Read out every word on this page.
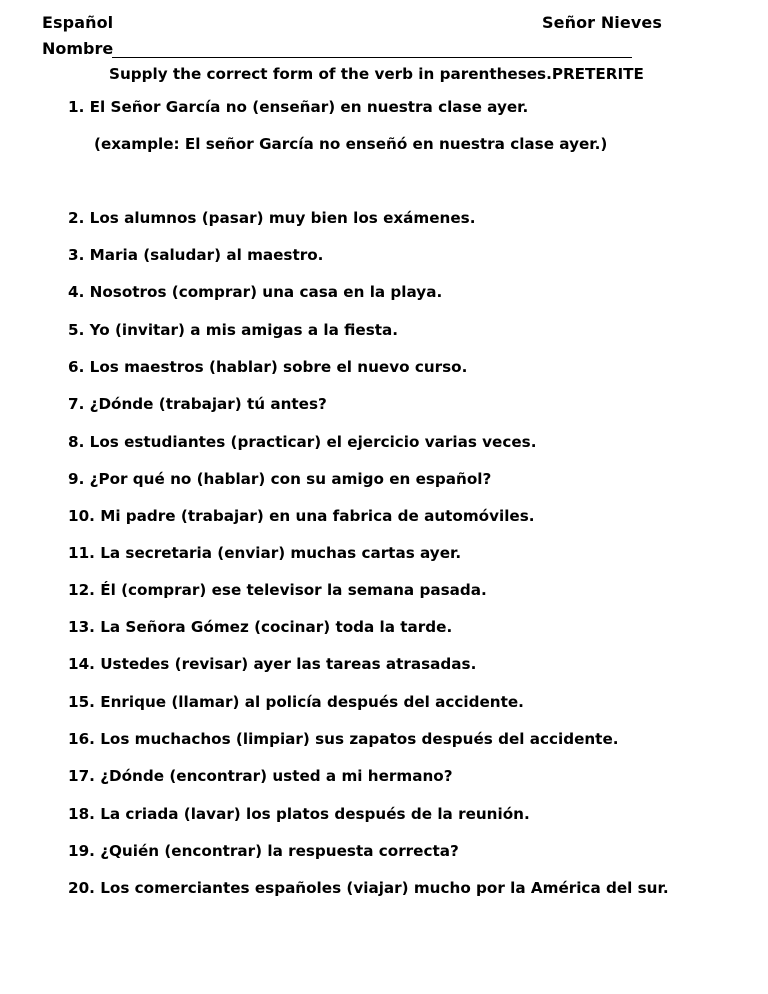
Español	Señor Nieves
Nombre
Supply the correct form of the verb in parentheses.PRETERITE
(example: El señor García no enseñó en nuestra clase ayer.)
1. El Señor García no (enseñar) en nuestra clase ayer.
2. Los alumnos (pasar) muy bien los exámenes.
3. Maria (saludar) al maestro.
4. Nosotros (comprar) una casa en la playa.
5. Yo (invitar) a mis amigas a la fiesta.
6. Los maestros (hablar) sobre el nuevo curso.
7. ¿Dónde (trabajar) tú antes?
8. Los estudiantes (practicar) el ejercicio varias veces.
9. ¿Por qué no (hablar) con su amigo en español?
10. Mi padre (trabajar) en una fabrica de automóviles.
11. La secretaria (enviar) muchas cartas ayer.
12. Él (comprar) ese televisor la semana pasada.
13. La Señora Gómez (cocinar) toda la tarde.
14. Ustedes (revisar) ayer las tareas atrasadas.
15. Enrique (llamar) al policía después del accidente.
16. Los muchachos (limpiar) sus zapatos después del accidente.
17. ¿Dónde (encontrar) usted a mi hermano?
18. La criada (lavar) los platos después de la reunión.
19. ¿Quién (encontrar) la respuesta correcta?
20. Los comerciantes españoles (viajar) mucho por la América del sur.
